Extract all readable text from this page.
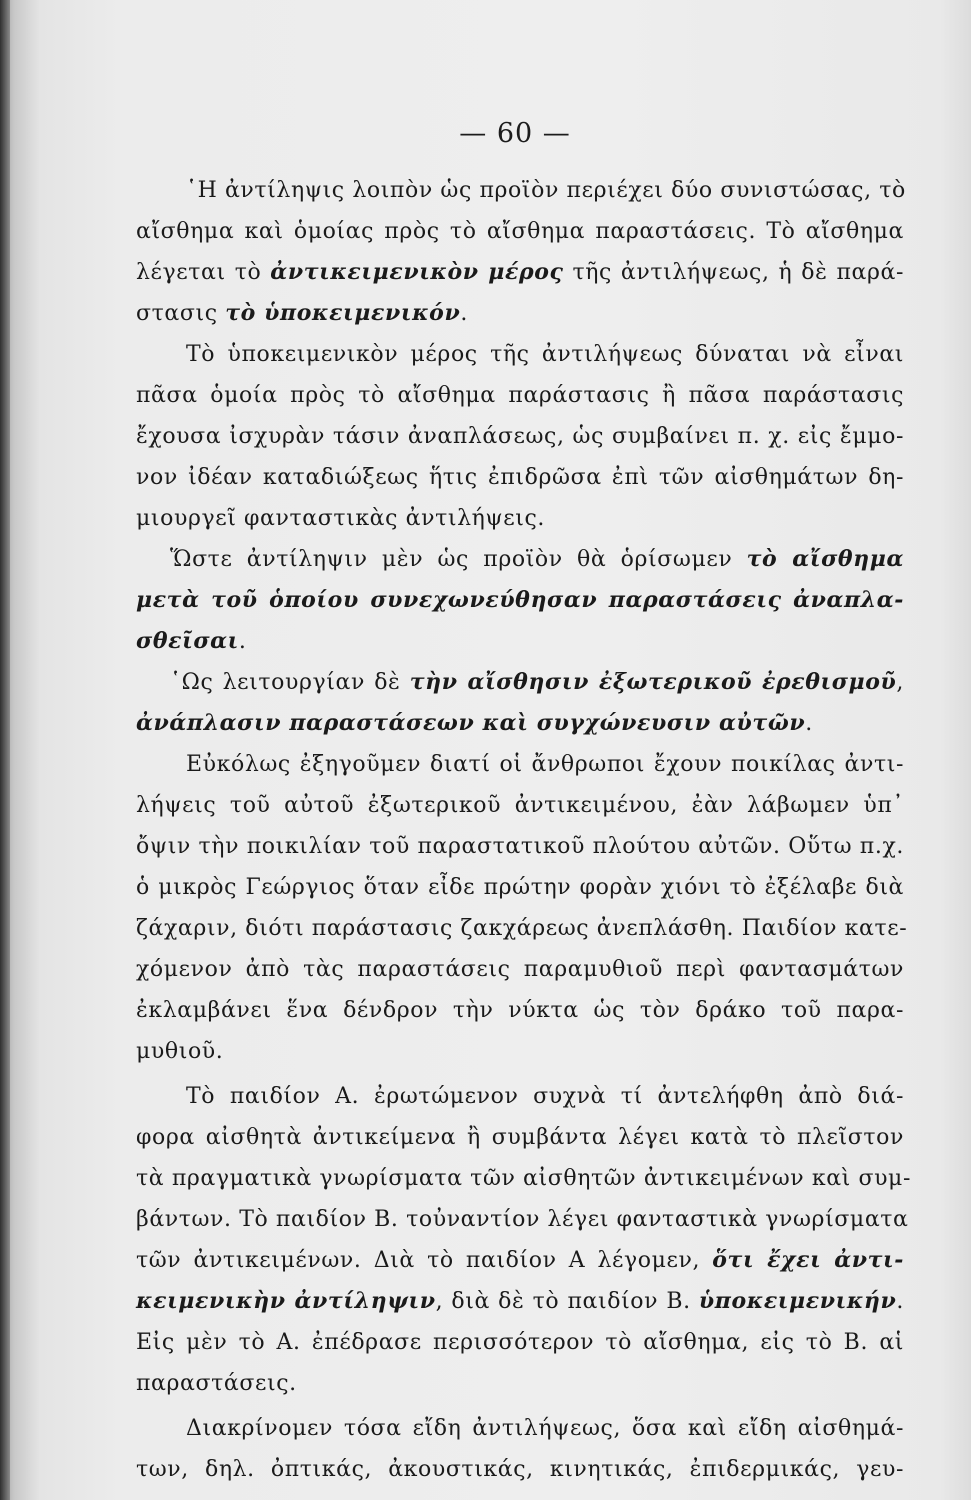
— 60 —
῾Η ἀντίληψις λοιπὸν ὡς προϊὸν περιέχει δύο συνιστώσας, τὸ
αἴσθημα καὶ ὁμοίας πρὸς τὸ αἴσθημα παραστάσεις. Τὸ αἴσθημα
λέγεται τὸ ἀντικειμενικὸν μέρος τῆς ἀντιλήψεως, ἡ δὲ παρά-
στασις τὸ ὑποκειμενικόν.
Τὸ ὑποκειμενικὸν μέρος τῆς ἀντιλήψεως δύναται νὰ εἶναι
πᾶσα ὁμοία πρὸς τὸ αἴσθημα παράστασις ἢ πᾶσα παράστασις
ἔχουσα ἰσχυρὰν τάσιν ἀναπλάσεως, ὡς συμβαίνει π. χ. εἰς ἔμμο-
νον ἰδέαν καταδιώξεως ἥτις ἐπιδρῶσα ἐπὶ τῶν αἰσθημάτων δη-
μιουργεῖ φανταστικὰς ἀντιλήψεις.
Ὥστε ἀντίληψιν μὲν ὡς προϊὸν θὰ ὁρίσωμεν τὸ αἴσθημα
μετὰ τοῦ ὁποίου συνεχωνεύθησαν παραστάσεις ἀναπλα-
σθεῖσαι.
῾Ως λειτουργίαν δὲ τὴν αἴσθησιν ἐξωτερικοῦ ἐρεθισμοῦ,
ἀνάπλασιν παραστάσεων καὶ συγχώνευσιν αὐτῶν.
Εὐκόλως ἐξηγοῦμεν διατί οἱ ἄνθρωποι ἔχουν ποικίλας ἀντι-
λήψεις τοῦ αὐτοῦ ἐξωτερικοῦ ἀντικειμένου, ἐὰν λάβωμεν ὑπ᾿
ὄψιν τὴν ποικιλίαν τοῦ παραστατικοῦ πλούτου αὐτῶν. Οὕτω π.χ.
ὁ μικρὸς Γεώργιος ὅταν εἶδε πρώτην φορὰν χιόνι τὸ ἐξέλαβε διὰ
ζάχαριν, διότι παράστασις ζακχάρεως ἀνεπλάσθη. Παιδίον κατε-
χόμενον ἀπὸ τὰς παραστάσεις παραμυθιοῦ περὶ φαντασμάτων
ἐκλαμβάνει ἕνα δένδρον τὴν νύκτα ὡς τὸν δράκο τοῦ παρα-
μυθιοῦ.
Τὸ παιδίον Α. ἐρωτώμενον συχνὰ τί ἀντελήφθη ἀπὸ διά-
φορα αἰσθητὰ ἀντικείμενα ἢ συμβάντα λέγει κατὰ τὸ πλεῖστον
τὰ πραγματικὰ γνωρίσματα τῶν αἰσθητῶν ἀντικειμένων καὶ συμ-
βάντων. Τὸ παιδίον Β. τοὐναντίον λέγει φανταστικὰ γνωρίσματα
τῶν ἀντικειμένων. Διὰ τὸ παιδίον Α λέγομεν, ὅτι ἔχει ἀντι-
κειμενικὴν ἀντίληψιν, διὰ δὲ τὸ παιδίον Β. ὑποκειμενικήν.
Εἰς μὲν τὸ Α. ἐπέδρασε περισσότερον τὸ αἴσθημα, εἰς τὸ Β. αἱ
παραστάσεις.
Διακρίνομεν τόσα εἴδη ἀντιλήψεως, ὅσα καὶ εἴδη αἰσθημά-
των, δηλ. ὀπτικάς, ἀκουστικάς, κινητικάς, ἐπιδερμικάς, γευ-
